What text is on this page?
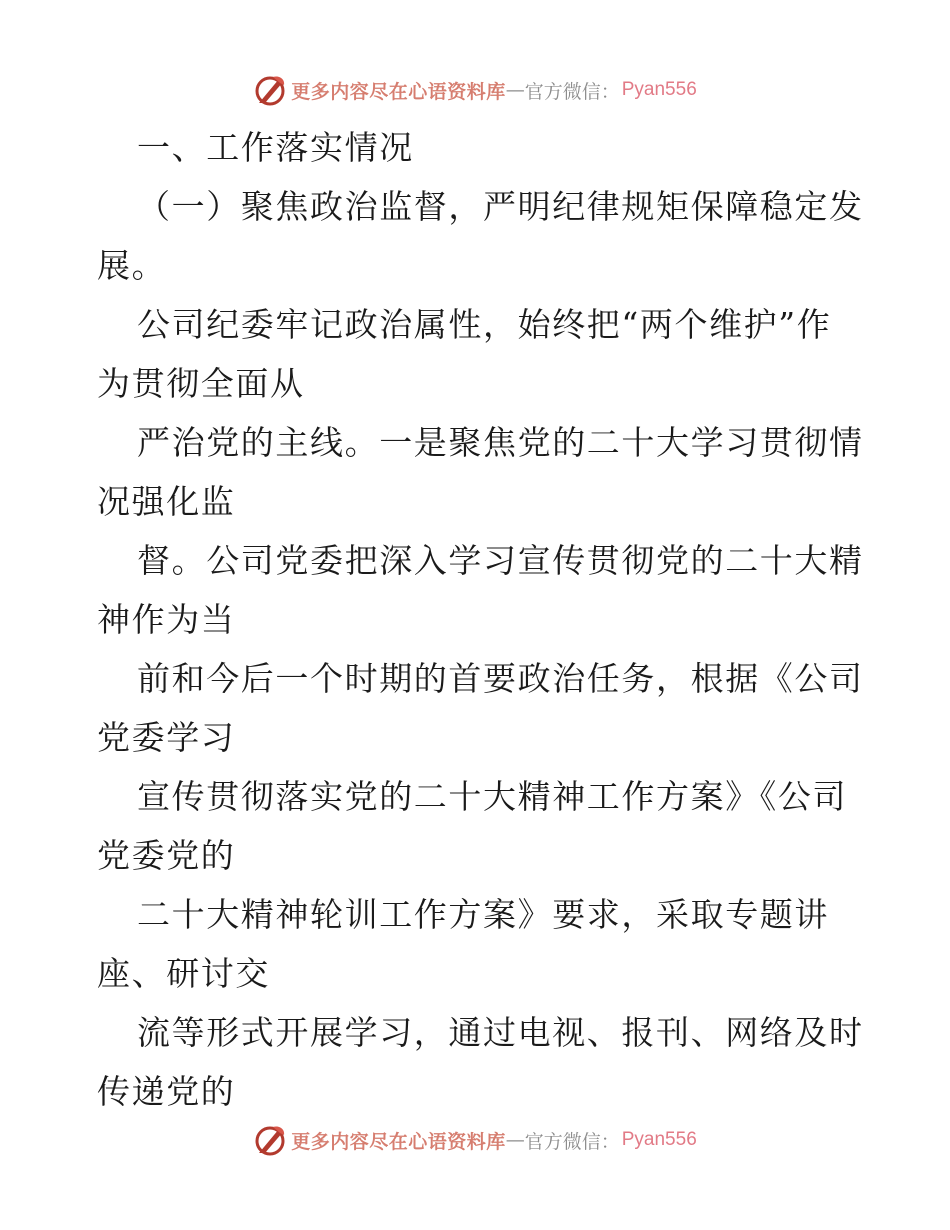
更多内容尽在心语资料库 — 官方微信： Pyan556
一、工作落实情况
（一）聚焦政治监督，严明纪律规矩保障稳定发
展。
公司纪委牢记政治属性，始终把“两个维护”作
为贯彻全面从
严治党的主线。一是聚焦党的二十大学习贯彻情
况强化监
督。公司党委把深入学习宣传贯彻党的二十大精
神作为当
前和今后一个时期的首要政治任务，根据《公司
党委学习
宣传贯彻落实党的二十大精神工作方案》《公司
党委党的
二十大精神轮训工作方案》要求，采取专题讲
座、研讨交
流等形式开展学习，通过电视、报刊、网络及时
传递党的
更多内容尽在心语资料库 — 官方微信： Pyan556
